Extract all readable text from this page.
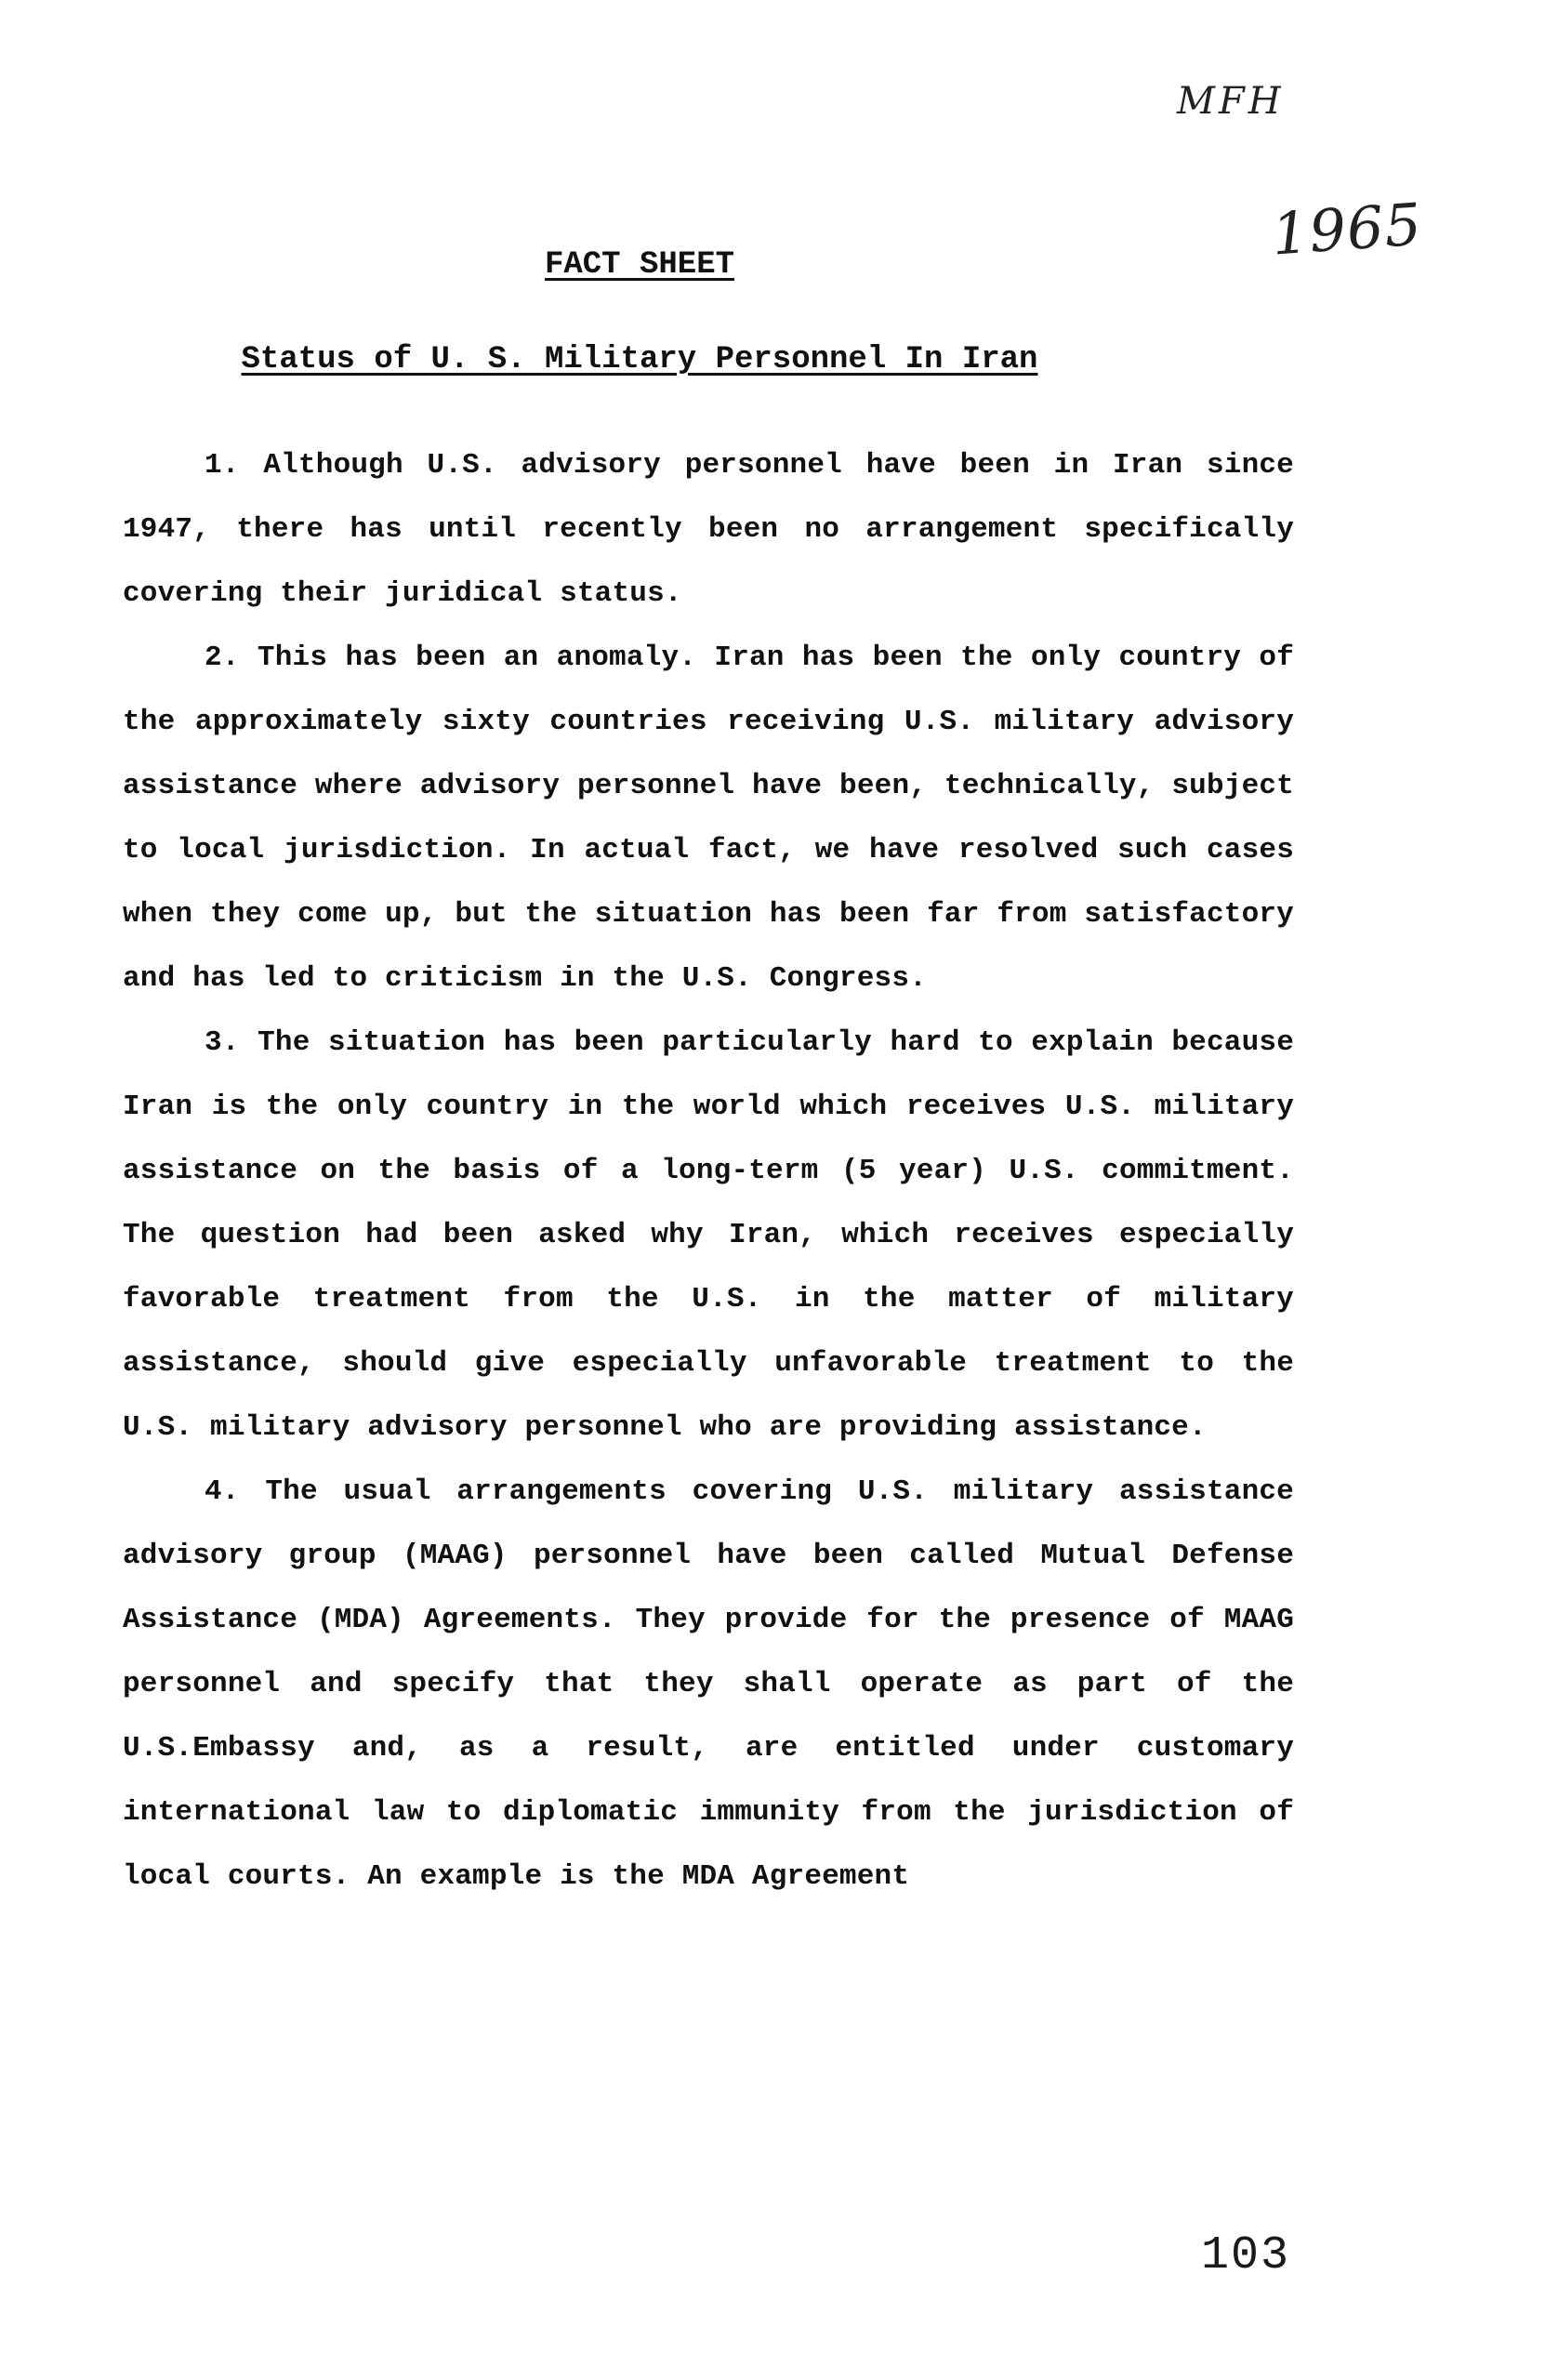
MFH
1965
FACT SHEET
Status of U. S. Military Personnel In Iran

1. Although U.S. advisory personnel have been in Iran since 1947, there has until recently been no arrangement specifically covering their juridical status.

2. This has been an anomaly. Iran has been the only country of the approximately sixty countries receiving U.S. military advisory assistance where advisory personnel have been, technically, subject to local jurisdiction. In actual fact, we have resolved such cases when they come up, but the situation has been far from satisfactory and has led to criticism in the U.S. Congress.

3. The situation has been particularly hard to explain because Iran is the only country in the world which receives U.S. military assistance on the basis of a long-term (5 year) U.S. commitment. The question had been asked why Iran, which receives especially favorable treatment from the U.S. in the matter of military assistance, should give especially unfavorable treatment to the U.S. military advisory personnel who are providing assistance.

4. The usual arrangements covering U.S. military assistance advisory group (MAAG) personnel have been called Mutual Defense Assistance (MDA) Agreements. They provide for the presence of MAAG personnel and specify that they shall operate as part of the U.S.Embassy and, as a result, are entitled under customary international law to diplomatic immunity from the jurisdiction of local courts. An example is the MDA Agreement

103
